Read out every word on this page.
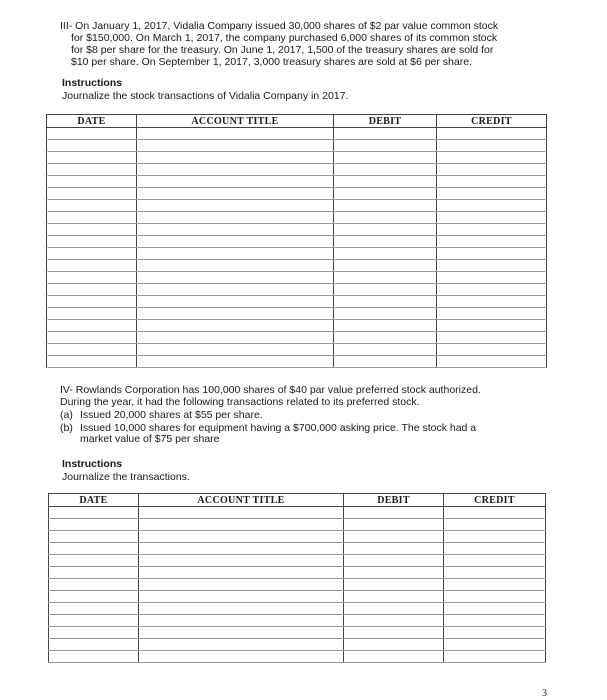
III- On January 1, 2017, Vidalia Company issued 30,000 shares of $2 par value common stock

for $150,000. On March 1, 2017, the company purchased 6,000 shares of its common stock
for $8 per share for the treasury. On June 1, 2017, 1,500 of the treasury shares are sold for
$10 per share. On September 1, 2017, 3,000 treasury shares are sold at $6 per share.

Instructions

Journalize the stock transactions of Vidalia Company in 2017.

DATE	ACCOUNT TITLE	DEBIT	CREDIT

IV- Rowlands Corporation has 100,000 shares of $40 par value preferred stock authorized.
During the year, it had the following transactions related to its preferred stock.

(a) Issued 20,000 shares at $55 per share.
(b) Issued 10,000 shares for equipment having a $700,000 asking price. The stock had a market value of $75 per share

Instructions

Journalize the transactions.

DATE	ACCOUNT TITLE	DEBIT	CREDIT

3
